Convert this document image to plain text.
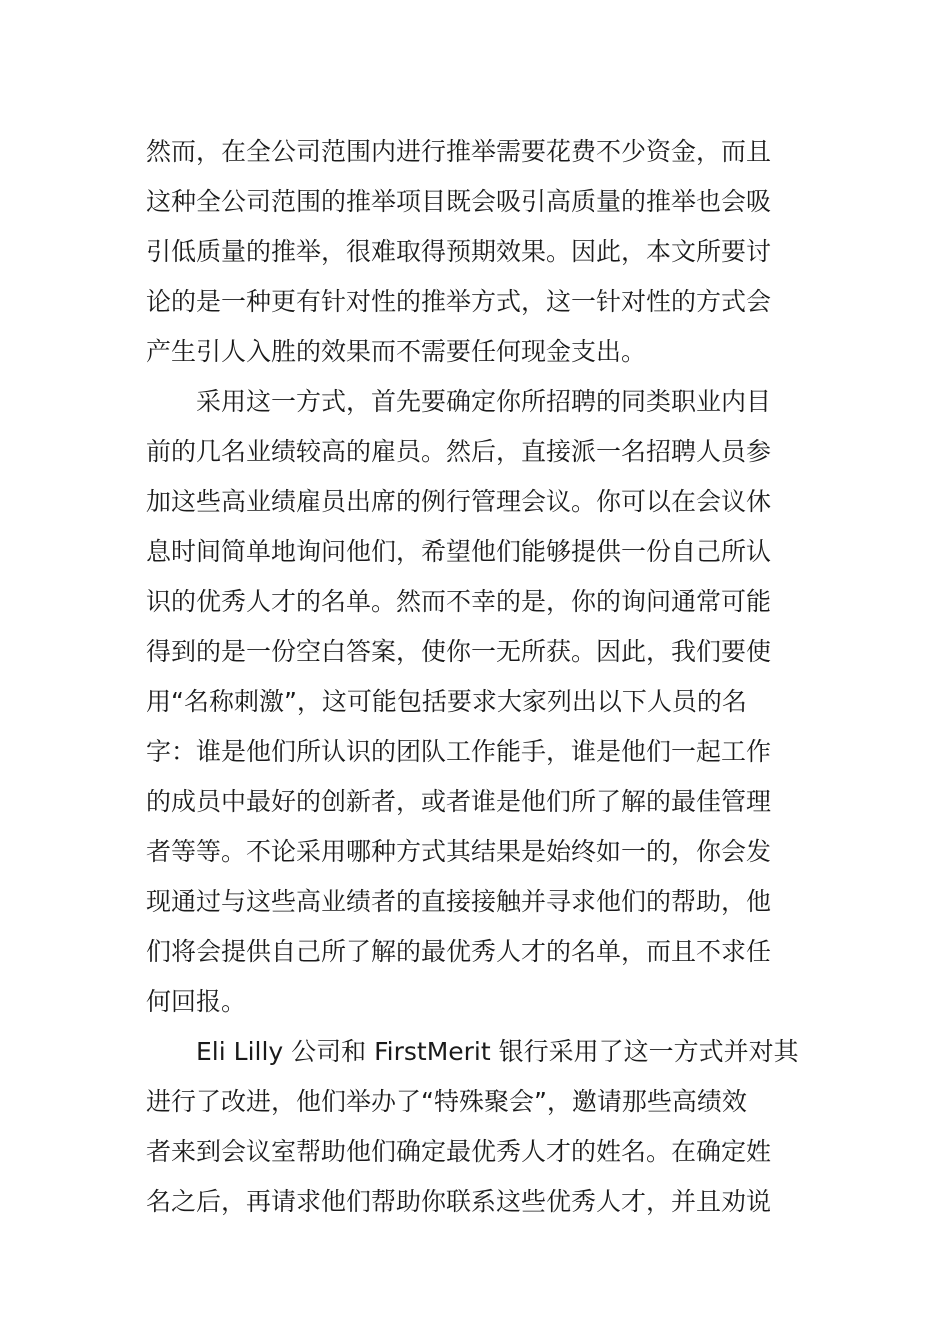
然而，在全公司范围内进行推举需要花费不少资金，而且
这种全公司范围的推举项目既会吸引高质量的推举也会吸
引低质量的推举，很难取得预期效果。因此，本文所要讨
论的是一种更有针对性的推举方式，这一针对性的方式会
产生引人入胜的效果而不需要任何现金支出。
采用这一方式，首先要确定你所招聘的同类职业内目
前的几名业绩较高的雇员。然后，直接派一名招聘人员参
加这些高业绩雇员出席的例行管理会议。你可以在会议休
息时间简单地询问他们，希望他们能够提供一份自己所认
识的优秀人才的名单。然而不幸的是，你的询问通常可能
得到的是一份空白答案，使你一无所获。因此，我们要使
用“名称刺激”，这可能包括要求大家列出以下人员的名
字：谁是他们所认识的团队工作能手，谁是他们一起工作
的成员中最好的创新者，或者谁是他们所了解的最佳管理
者等等。不论采用哪种方式其结果是始终如一的，你会发
现通过与这些高业绩者的直接接触并寻求他们的帮助，他
们将会提供自己所了解的最优秀人才的名单，而且不求任
何回报。
Eli Lilly 公司和 FirstMerit 银行采用了这一方式并对其
进行了改进，他们举办了“特殊聚会”，邀请那些高绩效
者来到会议室帮助他们确定最优秀人才的姓名。在确定姓
名之后，再请求他们帮助你联系这些优秀人才，并且劝说
